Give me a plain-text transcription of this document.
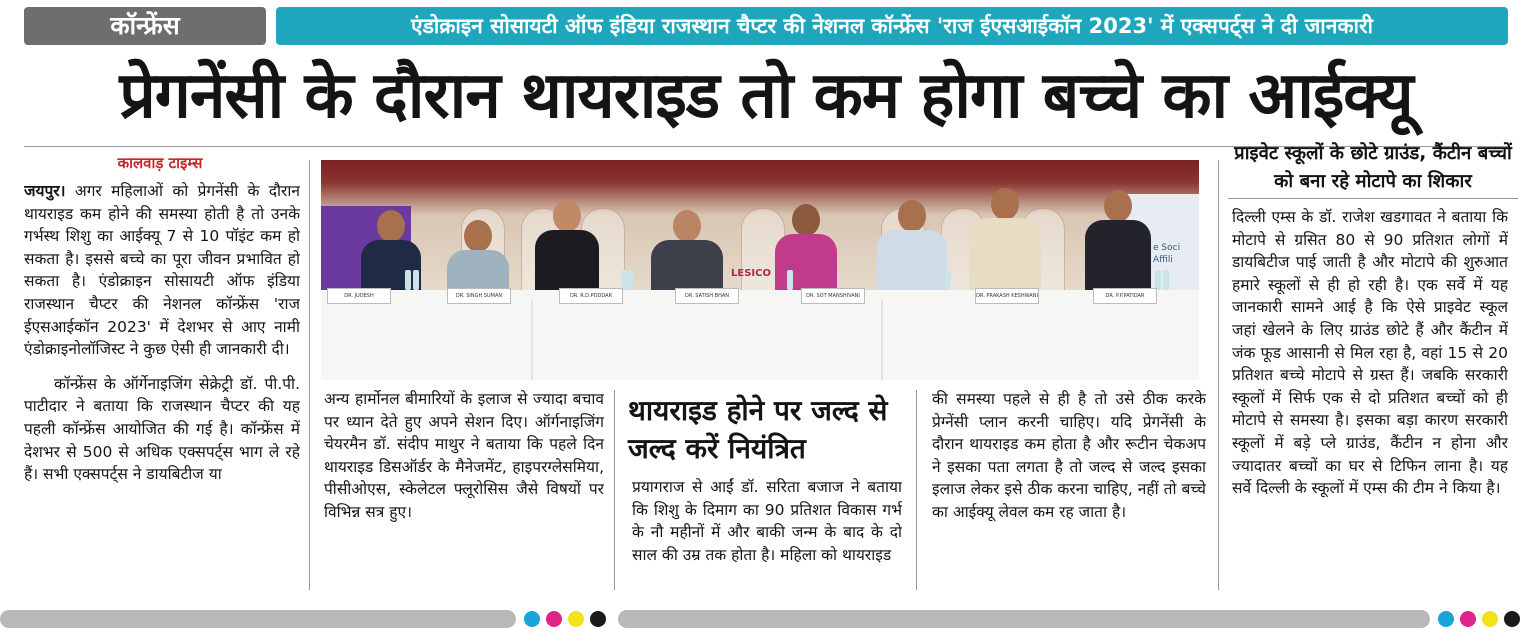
कॉन्फ्रेंस	एंडोक्राइन सोसायटी ऑफ इंडिया राजस्थान चैप्टर की नेशनल कॉन्फ्रेंस 'राज ईएसआईकॉन 2023' में एक्सपर्ट्स ने दी जानकारी
प्रेगनेंसी के दौरान थायराइड तो कम होगा बच्चे का आईक्यू
कालवाड़ टाइम्स

जयपुर। अगर महिलाओं को प्रेगनेंसी के दौरान थायराइड कम होने की समस्या होती है तो उनके गर्भस्थ शिशु का आईक्यू 7 से 10 पॉइंट कम हो सकता है। इससे बच्चे का पूरा जीवन प्रभावित हो सकता है। एंडोक्राइन सोसायटी ऑफ इंडिया राजस्थान चैप्टर की नेशनल कॉन्फ्रेंस 'राज ईएसआईकॉन 2023' में देशभर से आए नामी एंडोक्राइनोलॉजिस्ट ने कुछ ऐसी ही जानकारी दी।

कॉन्फ्रेंस के ऑर्गेनाइजिंग सेक्रेट्री डॉ. पी.पी. पाटीदार ने बताया कि राजस्थान चैप्टर की यह पहली कॉन्फ्रेंस आयोजित की गई है। कॉन्फ्रेंस में देशभर से 500 से अधिक एक्सपर्ट्स भाग ले रहे हैं। सभी एक्सपर्ट्स ने डायबिटीज या

DR. JUDESH	DR. SINGH SUMAN	DR. R.D.PODDAR	DR. SATISH BHAN	DR. SOT MANSHIVANI	DR. PRAKASH KESHWANI	DR. P.P.PATIDAR
LESICO
e Soci
Affili

अन्य हार्मोनल बीमारियों के इलाज से ज्यादा बचाव पर ध्यान देते हुए अपने सेशन दिए। ऑर्गनाइजिंग चेयरमैन डॉ. संदीप माथुर ने बताया कि पहले दिन थायराइड डिसऑर्डर के मैनेजमेंट, हाइपरग्लेसमिया, पीसीओएस, स्केलेटल फ्लूरोसिस जैसे विषयों पर विभिन्न सत्र हुए।

थायराइड होने पर जल्द से जल्द करें नियंत्रित

प्रयागराज से आईं डॉ. सरिता बजाज ने बताया कि शिशु के दिमाग का 90 प्रतिशत विकास गर्भ के नौ महीनों में और बाकी जन्म के बाद के दो साल की उम्र तक होता है। महिला को थायराइड

की समस्या पहले से ही है तो उसे ठीक करके प्रेग्नेंसी प्लान करनी चाहिए। यदि प्रेगनेंसी के दौरान थायराइड कम होता है और रूटीन चेकअप ने इसका पता लगता है तो जल्द से जल्द इसका इलाज लेकर इसे ठीक करना चाहिए, नहीं तो बच्चे का आईक्यू लेवल कम रह जाता है।

प्राइवेट स्कूलों के छोटे ग्राउंड, कैंटीन बच्चों को बना रहे मोटापे का शिकार

दिल्ली एम्स के डॉ. राजेश खडगावत ने बताया कि मोटापे से ग्रसित 80 से 90 प्रतिशत लोगों में डायबिटीज पाई जाती है और मोटापे की शुरुआत हमारे स्कूलों से ही हो रही है। एक सर्वे में यह जानकारी सामने आई है कि ऐसे प्राइवेट स्कूल जहां खेलने के लिए ग्राउंड छोटे हैं और कैंटीन में जंक फूड आसानी से मिल रहा है, वहां 15 से 20 प्रतिशत बच्चे मोटापे से ग्रस्त हैं। जबकि सरकारी स्कूलों में सिर्फ एक से दो प्रतिशत बच्चों को ही मोटापे से समस्या है। इसका बड़ा कारण सरकारी स्कूलों में बड़े प्ले ग्राउंड, कैंटीन न होना और ज्यादातर बच्चों का घर से टिफिन लाना है। यह सर्वे दिल्ली के स्कूलों में एम्स की टीम ने किया है।
